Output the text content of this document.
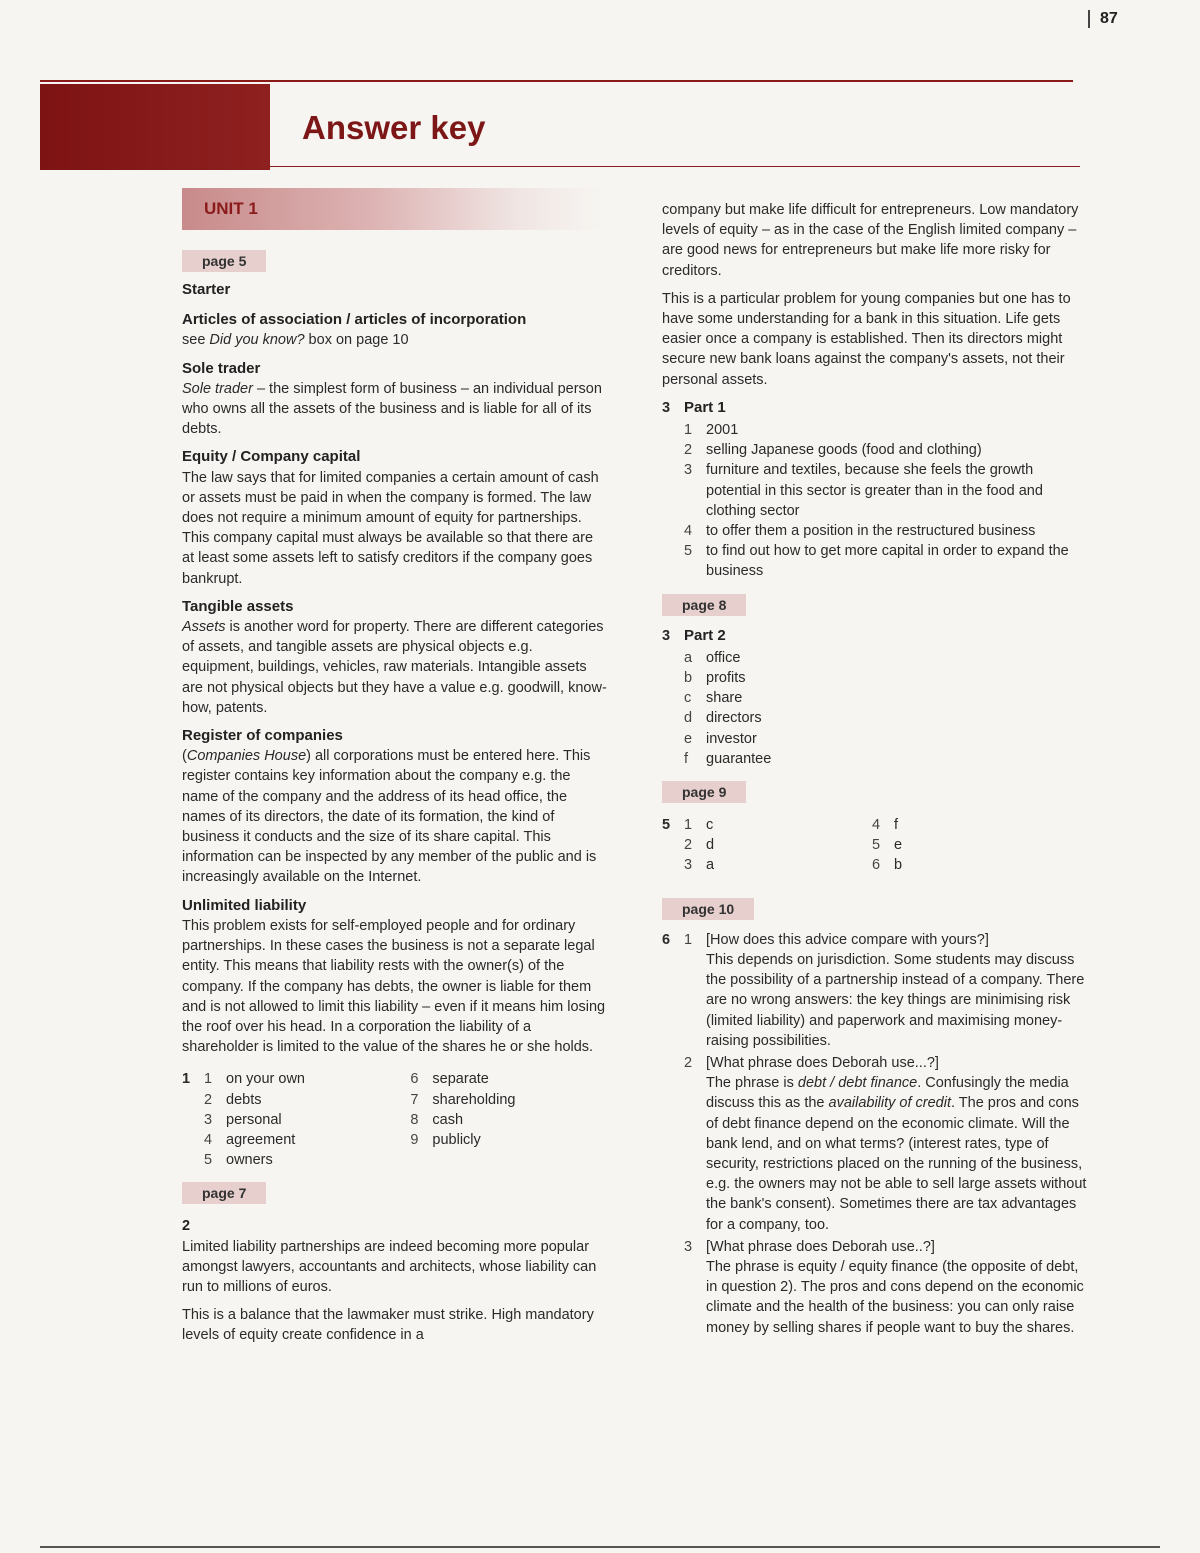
87
Answer key
UNIT 1
page 5
Starter
Articles of association / articles of incorporation

see Did you know? box on page 10

Sole trader

Sole trader – the simplest form of business – an individual person who owns all the assets of the business and is liable for all of its debts.

Equity / Company capital

The law says that for limited companies a certain amount of cash or assets must be paid in when the company is formed. The law does not require a minimum amount of equity for partnerships. This company capital must always be available so that there are at least some assets left to satisfy creditors if the company goes bankrupt.

Tangible assets

Assets is another word for property. There are different categories of assets, and tangible assets are physical objects e.g. equipment, buildings, vehicles, raw materials. Intangible assets are not physical objects but they have a value e.g. goodwill, know-how, patents.

Register of companies

(Companies House) all corporations must be entered here. This register contains key information about the company e.g. the name of the company and the address of its head office, the names of its directors, the date of its formation, the kind of business it conducts and the size of its share capital. This information can be inspected by any member of the public and is increasingly available on the Internet.

Unlimited liability

This problem exists for self-employed people and for ordinary partnerships. In these cases the business is not a separate legal entity. This means that liability rests with the owner(s) of the company. If the company has debts, the owner is liable for them and is not allowed to limit this liability – even if it means him losing the roof over his head. In a corporation the liability of a shareholder is limited to the value of the shares he or she holds.

1 1 on your own
2 debts
3 personal
4 agreement
5 owners
6 separate
7 shareholding
8 cash
9 publicly
page 7
2

Limited liability partnerships are indeed becoming more popular amongst lawyers, accountants and architects, whose liability can run to millions of euros.

This is a balance that the lawmaker must strike. High mandatory levels of equity create confidence in a

company but make life difficult for entrepreneurs. Low mandatory levels of equity – as in the case of the English limited company – are good news for entrepreneurs but make life more risky for creditors.

This is a particular problem for young companies but one has to have some understanding for a bank in this situation. Life gets easier once a company is established. Then its directors might secure new bank loans against the company's assets, not their personal assets.

3 Part 1
1 2001
2 selling Japanese goods (food and clothing)
3 furniture and textiles, because she feels the growth potential in this sector is greater than in the food and clothing sector
4 to offer them a position in the restructured business
5 to find out how to get more capital in order to expand the business
page 8
3 Part 2
a office
b profits
c	share
d directors
e investor
f	guarantee
page 9
5 1 c
2 d
3 a
4 f
5 e
6 b
page 10
6 1 [How does this advice compare with yours?]
This depends on jurisdiction. Some students may discuss the possibility of a partnership instead of a company. There are no wrong answers: the key things are minimising risk (limited liability) and paperwork and maximising money-raising possibilities.
2 [What phrase does Deborah use...?]
The phrase is debt / debt finance. Confusingly the media discuss this as the availability of credit. The pros and cons of debt finance depend on the economic climate. Will the bank lend, and on what terms? (interest rates, type of security, restrictions placed on the running of the business, e.g. the owners may not be able to sell large assets without the bank's consent). Sometimes there are tax advantages for a company, too.
3 [What phrase does Deborah use..?]
The phrase is equity / equity finance (the opposite of debt, in question 2). The pros and cons depend on the economic climate and the health of the business: you can only raise money by selling shares if people want to buy the shares.
